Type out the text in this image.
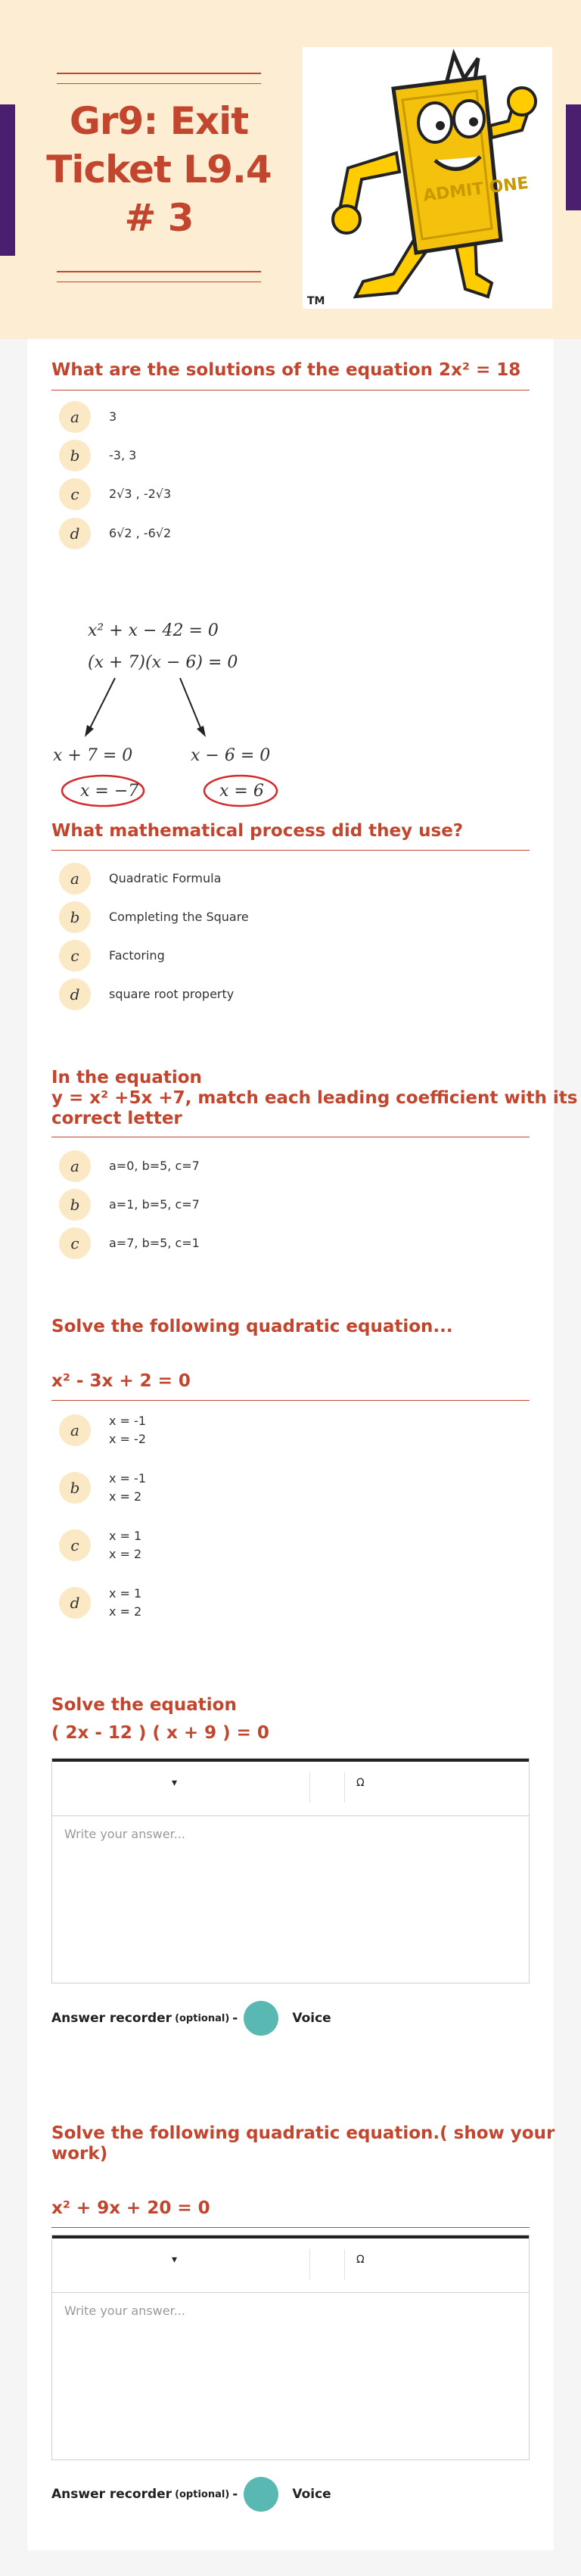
Gr9: Exit Ticket L9.4 # 3
ADMIT ONE
TM
What are the solutions of the equation 2x² = 18
a	3
b	-3, 3
c	2√3 , -2√3
d	6√2 , -6√2
x² + x − 42 = 0
(x + 7)(x − 6) = 0
x + 7 = 0	x − 6 = 0
x = −7	x = 6
What mathematical process did they use?
a	Quadratic Formula
b	Completing the Square
c	Factoring
d	square root property
In the equation
y = x² +5x +7, match each leading coefficient with its
correct letter
a	a=0, b=5, c=7
b	a=1, b=5, c=7
c	a=7, b=5, c=1
Solve the following quadratic equation...
x² - 3x + 2 = 0
a
x = -1
x = -2
b
x = -1
x = 2
c
x = 1
x = 2
d
x = 1
x = 2
Solve the equation
( 2x - 12 ) ( x + 9 ) = 0
▾	Ω
Write your answer...
Answer recorder (optional) -	Voice
Solve the following quadratic equation.( show your
work)
x² + 9x + 20 = 0
▾	Ω
Write your answer...
Answer recorder (optional) -	Voice
